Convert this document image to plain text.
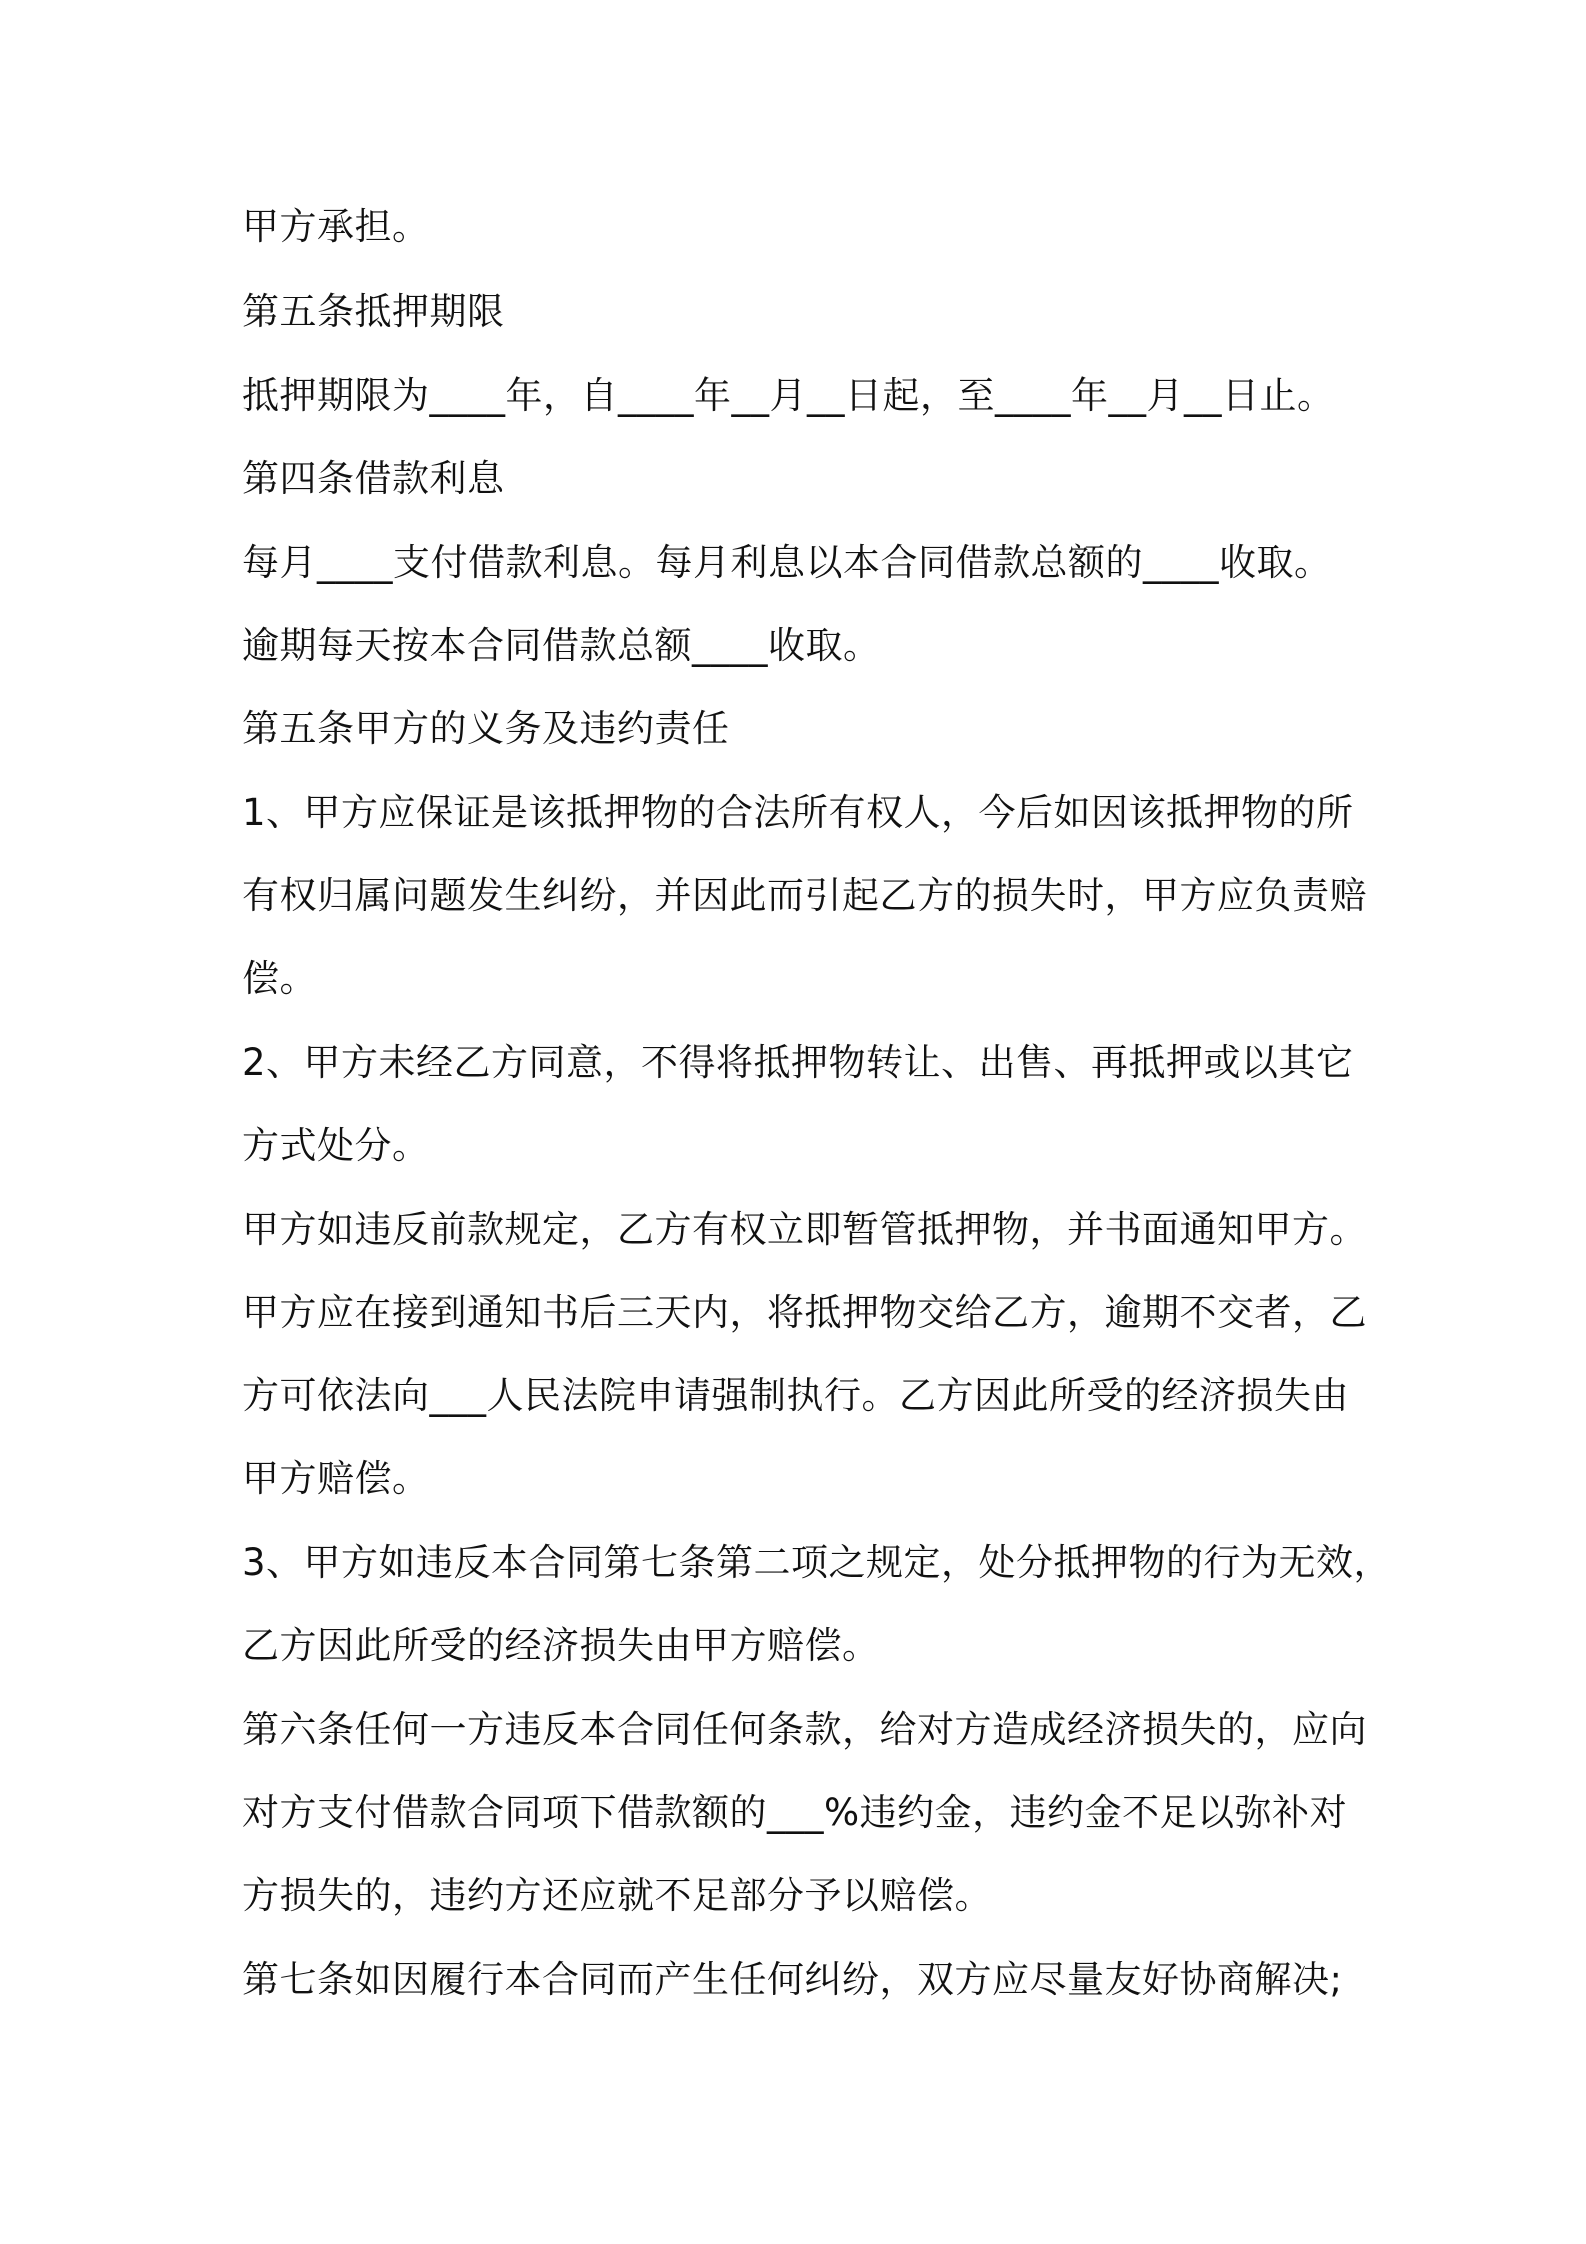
甲方承担。
第五条抵押期限
抵押期限为____年，自____年__月__日起，至____年__月__日止。
第四条借款利息
每月____支付借款利息。每月利息以本合同借款总额的____收取。
逾期每天按本合同借款总额____收取。
第五条甲方的义务及违约责任
1、甲方应保证是该抵押物的合法所有权人，今后如因该抵押物的所
有权归属问题发生纠纷，并因此而引起乙方的损失时，甲方应负责赔
偿。
2、甲方未经乙方同意，不得将抵押物转让、出售、再抵押或以其它
方式处分。
甲方如违反前款规定，乙方有权立即暂管抵押物，并书面通知甲方。
甲方应在接到通知书后三天内，将抵押物交给乙方，逾期不交者，乙
方可依法向___人民法院申请强制执行。乙方因此所受的经济损失由
甲方赔偿。
3、甲方如违反本合同第七条第二项之规定，处分抵押物的行为无效，
乙方因此所受的经济损失由甲方赔偿。
第六条任何一方违反本合同任何条款，给对方造成经济损失的，应向
对方支付借款合同项下借款额的___%违约金，违约金不足以弥补对
方损失的，违约方还应就不足部分予以赔偿。
第七条如因履行本合同而产生任何纠纷，双方应尽量友好协商解决;
